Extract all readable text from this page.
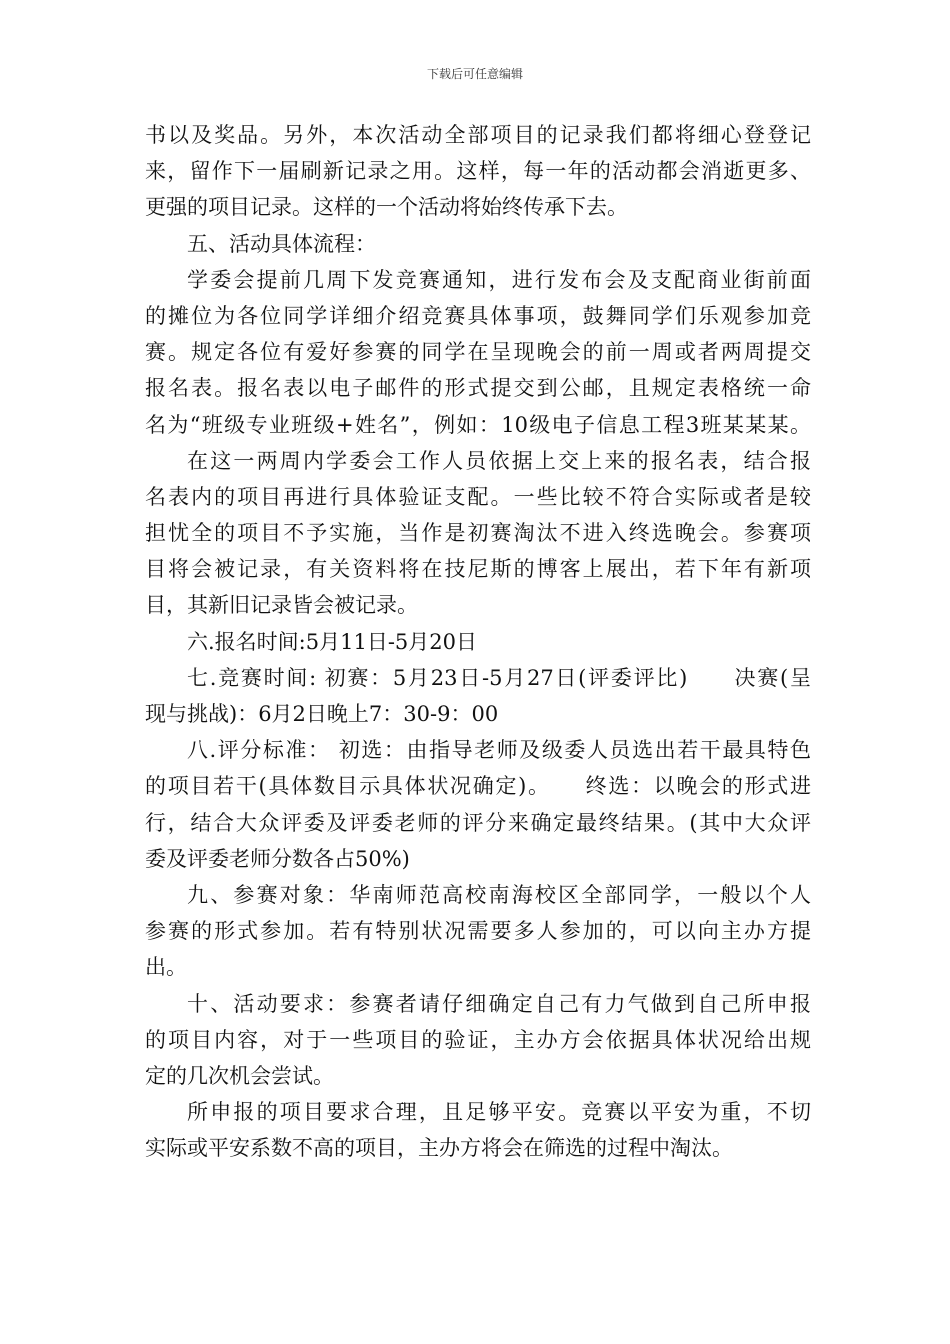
下载后可任意编辑
书以及奖品。另外，本次活动全部项目的记录我们都将细心登登记
来，留作下一届刷新记录之用。这样，每一年的活动都会消逝更多、
更强的项目记录。这样的一个活动将始终传承下去。
五、活动具体流程：
学委会提前几周下发竞赛通知，进行发布会及支配商业街前面
的摊位为各位同学详细介绍竞赛具体事项，鼓舞同学们乐观参加竞
赛。规定各位有爱好参赛的同学在呈现晚会的前一周或者两周提交
报名表。报名表以电子邮件的形式提交到公邮，且规定表格统一命
名为“班级专业班级+姓名”，例如：10级电子信息工程3班某某某。
在这一两周内学委会工作人员依据上交上来的报名表，结合报
名表内的项目再进行具体验证支配。一些比较不符合实际或者是较
担忧全的项目不予实施，当作是初赛淘汰不进入终选晚会。参赛项
目将会被记录，有关资料将在技尼斯的博客上展出，若下年有新项
目，其新旧记录皆会被记录。
六.报名时间:5月11日-5月20日
七.竞赛时间: 初赛：5月23日-5月27日(评委评比)　　决赛(呈
现与挑战)：6月2日晚上7：30-9：00
八.评分标准： 初选：由指导老师及级委人员选出若干最具特色
的项目若干(具体数目示具体状况确定)。　　终选：以晚会的形式进
行，结合大众评委及评委老师的评分来确定最终结果。(其中大众评
委及评委老师分数各占50%)
九、参赛对象：华南师范高校南海校区全部同学，一般以个人
参赛的形式参加。若有特别状况需要多人参加的，可以向主办方提
出。
十、活动要求：参赛者请仔细确定自己有力气做到自己所申报
的项目内容，对于一些项目的验证，主办方会依据具体状况给出规
定的几次机会尝试。
所申报的项目要求合理，且足够平安。竞赛以平安为重，不切
实际或平安系数不高的项目，主办方将会在筛选的过程中淘汰。
